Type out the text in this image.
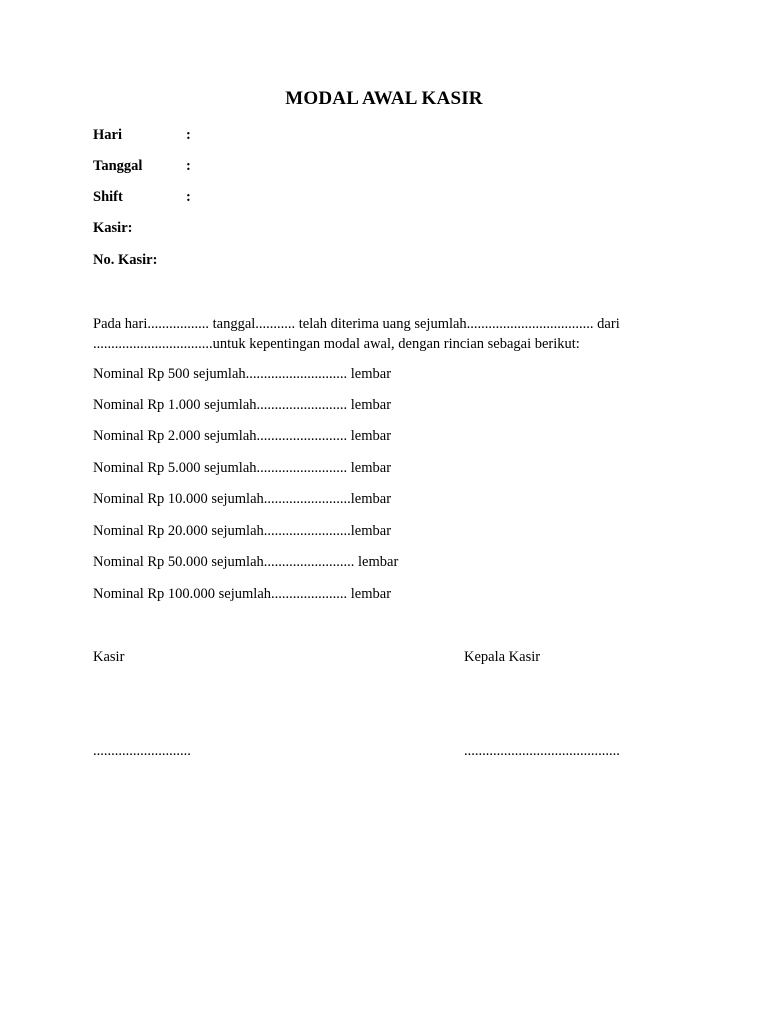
MODAL AWAL KASIR
Hari	:
Tanggal	:
Shift	:
Kasir:
No. Kasir:
Pada hari................. tanggal........... telah diterima uang sejumlah................................... dari
.................................untuk kepentingan modal awal, dengan rincian sebagai berikut:
Nominal Rp 500 sejumlah............................ lembar
Nominal Rp 1.000 sejumlah......................... lembar
Nominal Rp 2.000 sejumlah......................... lembar
Nominal Rp 5.000 sejumlah......................... lembar
Nominal Rp 10.000 sejumlah........................lembar
Nominal Rp 20.000 sejumlah........................lembar
Nominal Rp 50.000 sejumlah......................... lembar
Nominal Rp 100.000 sejumlah..................... lembar
Kasir	Kepala Kasir
...........................	...........................................
